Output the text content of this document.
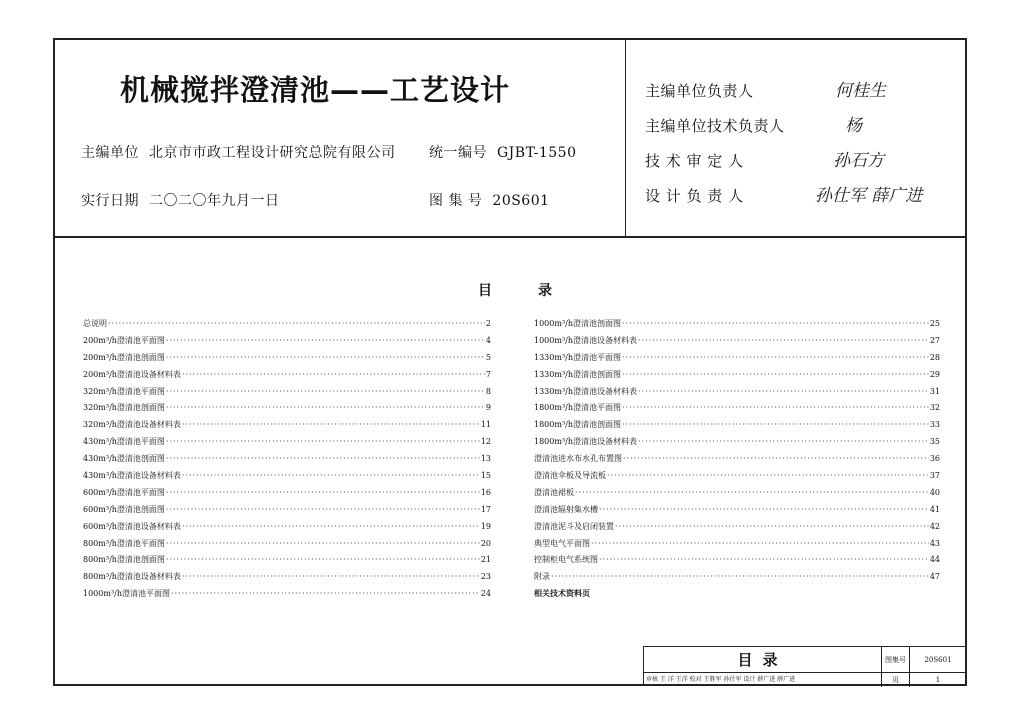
机械搅拌澄清池——工艺设计
主编单位 北京市市政工程设计研究总院有限公司 统一编号 GJBT-1550
实行日期 二〇二〇年九月一日	图 集 号 20S601
主编单位负责人	何桂生
主编单位技术负责人	杨
技 术 审 定 人	孙石方
设 计 负 责 人	孙仕军 薛广进
目	录
总说明 ·····	2
200m³/h澄清池平面图 ·····	4
200m³/h澄清池剖面图 ·····	5
200m³/h澄清池设备材料表 ·····	7
320m³/h澄清池平面图 ·····	8
320m³/h澄清池剖面图 ·····	9
320m³/h澄清池设备材料表 ·····	11
430m³/h澄清池平面图 ·····	12
430m³/h澄清池剖面图 ·····	13
430m³/h澄清池设备材料表 ·····	15
600m³/h澄清池平面图 ·····	16
600m³/h澄清池剖面图 ·····	17
600m³/h澄清池设备材料表 ·····	19
800m³/h澄清池平面图 ·····	20
800m³/h澄清池剖面图 ·····	21
800m³/h澄清池设备材料表 ·····	23
1000m³/h澄清池平面图 ·····	24
1000m³/h澄清池剖面图 ·····	25
1000m³/h澄清池设备材料表 ·····	27
1330m³/h澄清池平面图 ·····	28
1330m³/h澄清池剖面图 ·····	29
1330m³/h澄清池设备材料表 ·····	31
1800m³/h澄清池平面图 ·····	32
1800m³/h澄清池剖面图 ·····	33
1800m³/h澄清池设备材料表 ·····	35
澄清池进水布水孔布置图 ·····	36
澄清池伞板及导流板 ·····	37
澄清池裙板 ·····	40
澄清池辐射集水槽 ·····	41
澄清池泥斗及启闭装置 ·····	42
典型电气平面图 ·····	43
控制柜电气系统图 ·····	44
附录 ·····	47
相关技术资料页
目录	图集号	20S601
审核 王 洋 王洋 校对 王胜军 孙仕军 设计 薛广进 薛广进	页	1
